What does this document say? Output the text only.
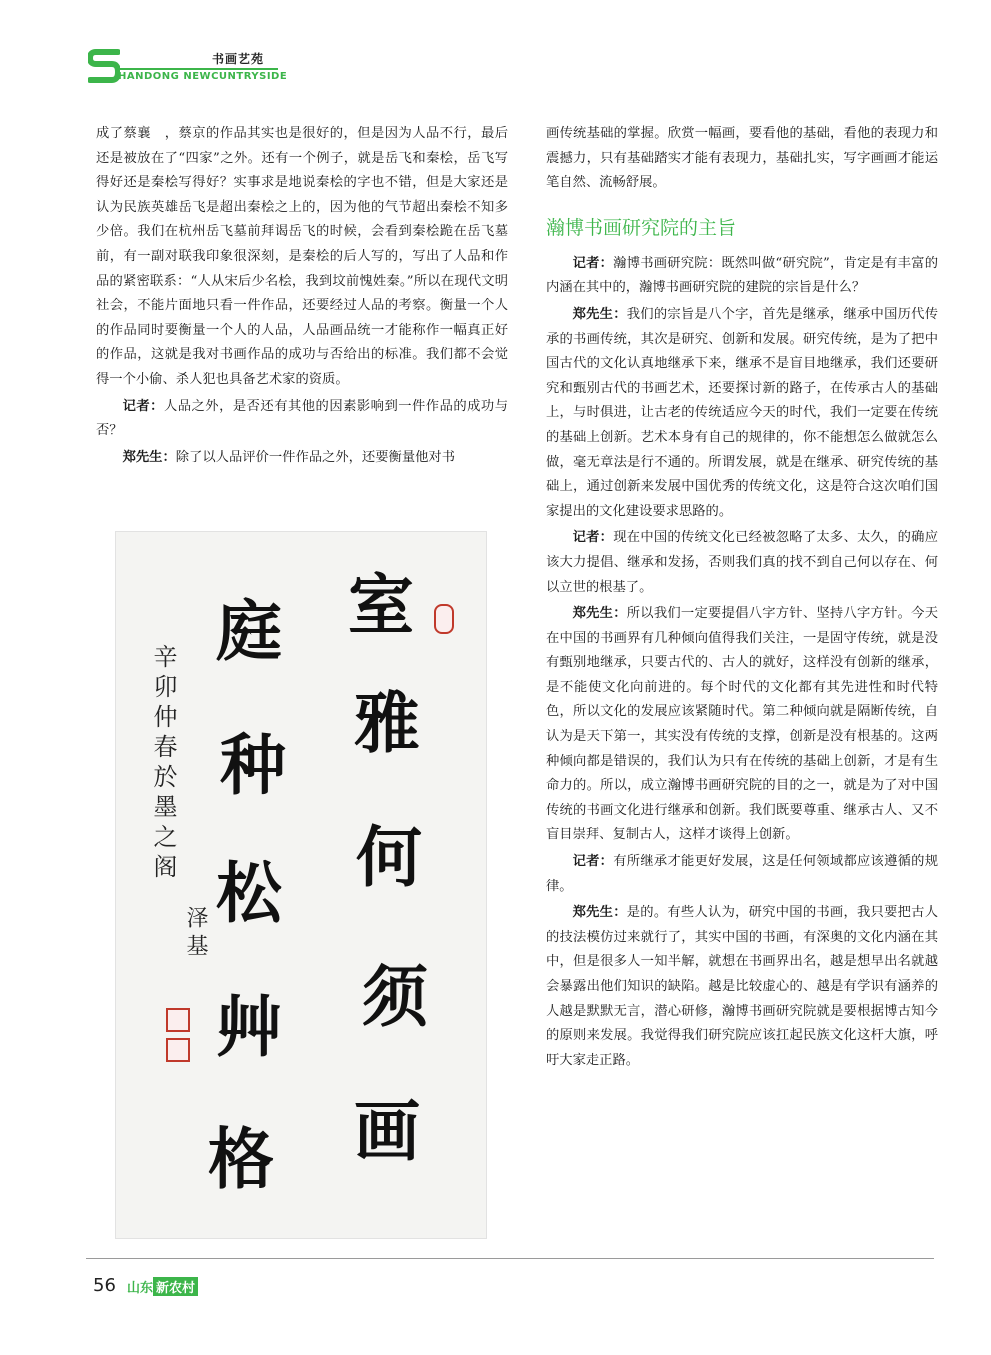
书画艺苑
HANDONG NEWCUNTRYSIDE

成了蔡襄　，蔡京的作品其实也是很好的，但是因为人品不行，最后还是被放在了“四家”之外。还有一个例子，就是岳飞和秦桧，岳飞写得好还是秦桧写得好？实事求是地说秦桧的字也不错，但是大家还是认为民族英雄岳飞是超出秦桧之上的，因为他的气节超出秦桧不知多少倍。我们在杭州岳飞墓前拜谒岳飞的时候，会看到秦桧跪在岳飞墓前，有一副对联我印象很深刻，是秦桧的后人写的，写出了人品和作品的紧密联系：“人从宋后少名桧，我到坟前愧姓秦。”所以在现代文明社会，不能片面地只看一件作品，还要经过人品的考察。衡量一个人的作品同时要衡量一个人的人品，人品画品统一才能称作一幅真正好的作品，这就是我对书画作品的成功与否给出的标准。我们都不会觉得一个小偷、杀人犯也具备艺术家的资质。

记者：人品之外，是否还有其他的因素影响到一件作品的成功与否？

郑先生：除了以人品评价一件作品之外，还要衡量他对书

室
雅
何
须
画
庭
种
松
艸
格
辛卯仲春於墨之阁
泽基

画传统基础的掌握。欣赏一幅画，要看他的基础，看他的表现力和震撼力，只有基础踏实才能有表现力，基础扎实，写字画画才能运笔自然、流畅舒展。

瀚博书画研究院的主旨

记者：瀚博书画研究院：既然叫做“研究院”，肯定是有丰富的内涵在其中的，瀚博书画研究院的建院的宗旨是什么？

郑先生：我们的宗旨是八个字，首先是继承，继承中国历代传承的书画传统，其次是研究、创新和发展。研究传统，是为了把中国古代的文化认真地继承下来，继承不是盲目地继承，我们还要研究和甄别古代的书画艺术，还要探讨新的路子，在传承古人的基础上，与时俱进，让古老的传统适应今天的时代，我们一定要在传统的基础上创新。艺术本身有自己的规律的，你不能想怎么做就怎么做，毫无章法是行不通的。所谓发展，就是在继承、研究传统的基础上，通过创新来发展中国优秀的传统文化，这是符合这次咱们国家提出的文化建设要求思路的。

记者：现在中国的传统文化已经被忽略了太多、太久，的确应该大力提倡、继承和发扬，否则我们真的找不到自己何以存在、何以立世的根基了。

郑先生：所以我们一定要提倡八字方针、坚持八字方针。今天在中国的书画界有几种倾向值得我们关注，一是固守传统，就是没有甄别地继承，只要古代的、古人的就好，这样没有创新的继承，是不能使文化向前进的。每个时代的文化都有其先进性和时代特色，所以文化的发展应该紧随时代。第二种倾向就是隔断传统，自认为是天下第一，其实没有传统的支撑，创新是没有根基的。这两种倾向都是错误的，我们认为只有在传统的基础上创新，才是有生命力的。所以，成立瀚博书画研究院的目的之一，就是为了对中国传统的书画文化进行继承和创新。我们既要尊重、继承古人、又不盲目崇拜、复制古人，这样才谈得上创新。

记者：有所继承才能更好发展，这是任何领域都应该遵循的规律。

郑先生：是的。有些人认为，研究中国的书画，我只要把古人的技法模仿过来就行了，其实中国的书画，有深奥的文化内涵在其中，但是很多人一知半解，就想在书画界出名，越是想早出名就越会暴露出他们知识的缺陷。越是比较虚心的、越是有学识有涵养的人越是默默无言，潜心研修，瀚博书画研究院就是要根据博古知今的原则来发展。我觉得我们研究院应该扛起民族文化这杆大旗，呼吁大家走正路。

56 山东 新农村
